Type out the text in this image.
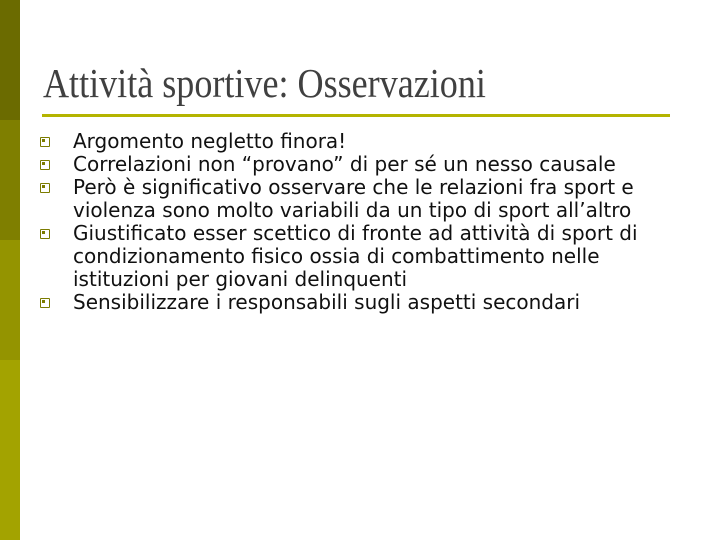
Attività sportive: Osservazioni
Argomento negletto finora!
Correlazioni non “provano” di per sé un nesso causale
Però è significativo osservare che le relazioni fra sport e violenza sono molto variabili da un tipo di sport all’altro
Giustificato esser scettico di fronte ad attività di sport di condizionamento fisico ossia di combattimento nelle istituzioni per giovani delinquenti
Sensibilizzare i responsabili sugli aspetti secondari
